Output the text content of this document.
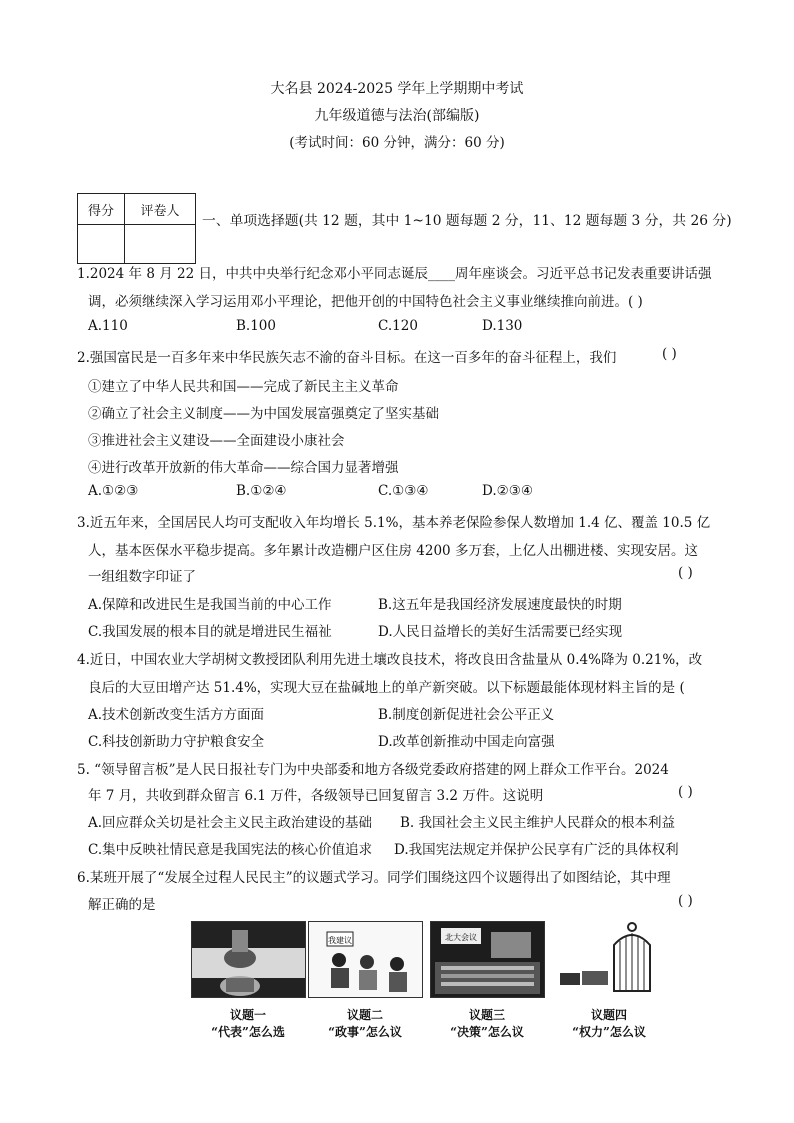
大名县 2024-2025 学年上学期期中考试
九年级道德与法治(部编版)
(考试时间：60 分钟，满分：60 分)
得分	评卷人

一、单项选择题(共 12 题，其中 1~10 题每题 2 分，11、12 题每题 3 分，共 26 分)
1.2024 年 8 月 22 日，中共中央举行纪念邓小平同志诞辰____周年座谈会。习近平总书记发表重要讲话强
调，必须继续深入学习运用邓小平理论，把他开创的中国特色社会主义事业继续推向前进。( )
A.110	B.100	C.120	D.130
2.强国富民是一百多年来中华民族矢志不渝的奋斗目标。在这一百多年的奋斗征程上，我们	( )
①建立了中华人民共和国——完成了新民主主义革命
②确立了社会主义制度——为中国发展富强奠定了坚实基础
③推进社会主义建设——全面建设小康社会
④进行改革开放新的伟大革命——综合国力显著增强
A.①②③	B.①②④	C.①③④	D.②③④
3.近五年来，全国居民人均可支配收入年均增长 5.1%，基本养老保险参保人数增加 1.4 亿、覆盖 10.5 亿
人，基本医保水平稳步提高。多年累计改造棚户区住房 4200 多万套，上亿人出棚进楼、实现安居。这
一组组数字印证了	( )
A.保障和改进民生是我国当前的中心工作	B.这五年是我国经济发展速度最快的时期
C.我国发展的根本目的就是增进民生福祉	D.人民日益增长的美好生活需要已经实现
4.近日，中国农业大学胡树文教授团队利用先进土壤改良技术，将改良田含盐量从 0.4%降为 0.21%，改
良后的大豆田增产达 51.4%，实现大豆在盐碱地上的单产新突破。以下标题最能体现材料主旨的是 (
A.技术创新改变生活方方面面	B.制度创新促进社会公平正义
C.科技创新助力守护粮食安全	D.改革创新推动中国走向富强
5. “领导留言板”是人民日报社专门为中央部委和地方各级党委政府搭建的网上群众工作平台。2024
年 7 月，共收到群众留言 6.1 万件，各级领导已回复留言 3.2 万件。这说明	( )
A.回应群众关切是社会主义民主政治建设的基础 B. 我国社会主义民主维护人民群众的根本利益
C.集中反映社情民意是我国宪法的核心价值追求 D.我国宪法规定并保护公民享有广泛的具体权利
6.某班开展了“发展全过程人民民主”的议题式学习。同学们围绕这四个议题得出了如图结论，其中理
解正确的是	( )
我建议	北大会议
议题一
“代表”怎么选
议题二
“政事”怎么议
议题三
“决策”怎么议
议题四
“权力”怎么议
